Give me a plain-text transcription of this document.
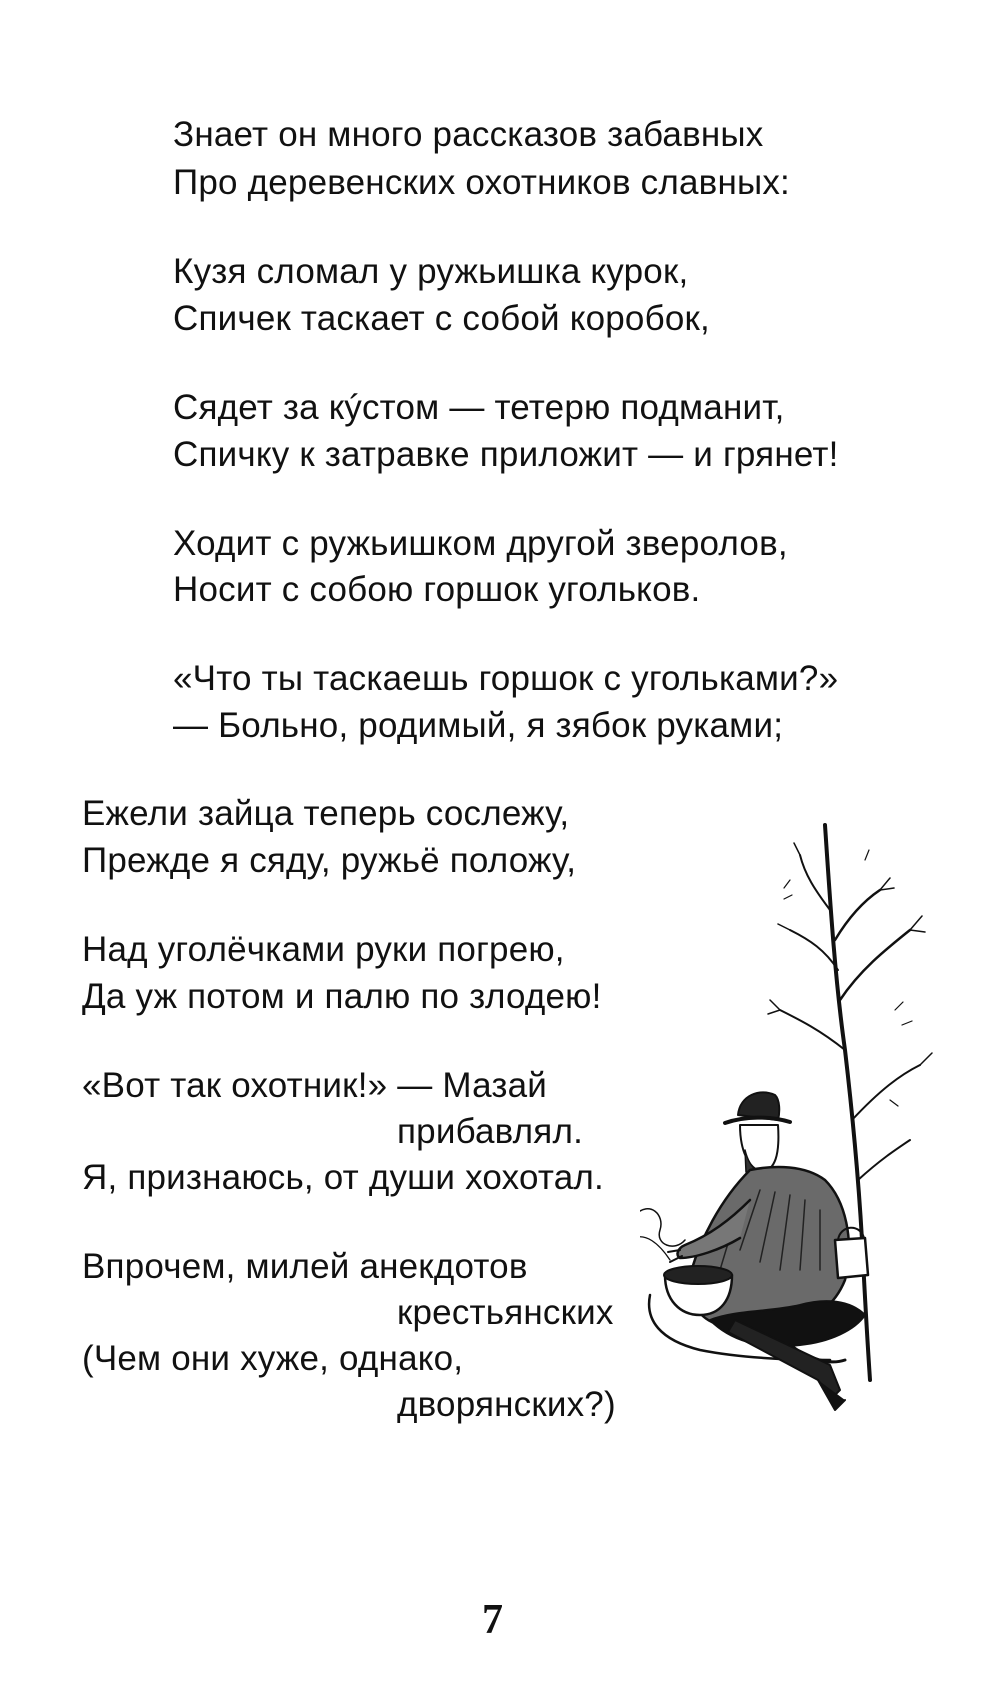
Знает он много рассказов забавных
Про деревенских охотников славных:
Кузя сломал у ружьишка курок,
Спичек таскает с собой коробок,
Сядет за кýстом — тетерю подманит,
Спичку к затравке приложит — и грянет!
Ходит с ружьишком другой зверолов,
Носит с собою горшок угольков.
«Что ты таскаешь горшок с угольками?»
— Больно, родимый, я зябок руками;
Ежели зайца теперь сослежу,
Прежде я сяду, ружьё положу,
Над уголёчками руки погрею,
Да уж потом и палю по злодею!
«Вот так охотник!» — Мазай
прибавлял.
Я, признаюсь, от души хохотал.
Впрочем, милей анекдотов
крестьянских
(Чем они хуже, однако,
дворянских?)
7
